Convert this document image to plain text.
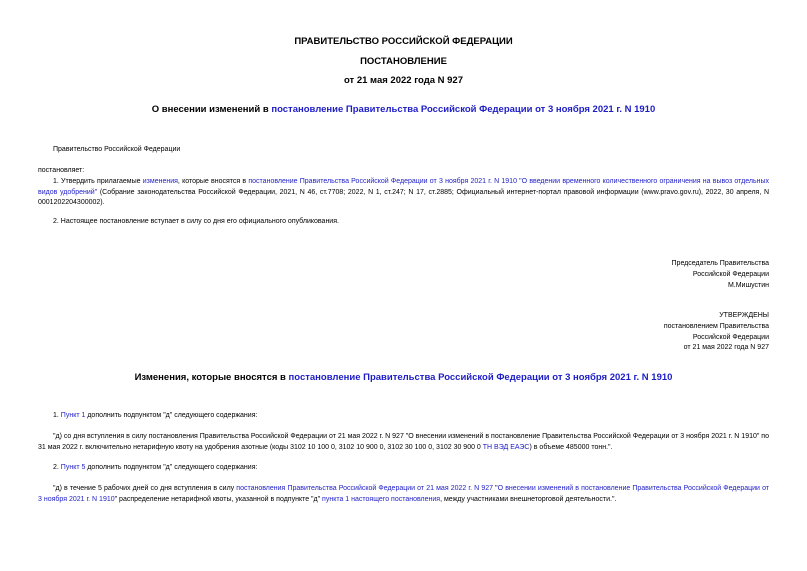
ПРАВИТЕЛЬСТВО РОССИЙСКОЙ ФЕДЕРАЦИИ
ПОСТАНОВЛЕНИЕ
от 21 мая 2022 года N 927
О внесении изменений в постановление Правительства Российской Федерации от 3 ноября 2021 г. N 1910
Правительство Российской Федерации
постановляет:
1. Утвердить прилагаемые изменения, которые вносятся в постановление Правительства Российской Федерации от 3 ноября 2021 г. N 1910 "О введении временного количественного ограничения на вывоз отдельных видов удобрений" (Собрание законодательства Российской Федерации, 2021, N 46, ст.7708; 2022, N 1, ст.247; N 17, ст.2885; Официальный интернет-портал правовой информации (www.pravo.gov.ru), 2022, 30 апреля, N 0001202204300002).
2. Настоящее постановление вступает в силу со дня его официального опубликования.
Председатель Правительства
Российской Федерации
М.Мишустин
УТВЕРЖДЕНЫ
постановлением Правительства
Российской Федерации
от 21 мая 2022 года N 927
Изменения, которые вносятся в постановление Правительства Российской Федерации от 3 ноября 2021 г. N 1910
1. Пункт 1 дополнить подпунктом "д" следующего содержания:
"д) со дня вступления в силу постановления Правительства Российской Федерации от 21 мая 2022 г. N 927 "О внесении изменений в постановление Правительства Российской Федерации от 3 ноября 2021 г. N 1910" по 31 мая 2022 г. включительно нетарифную квоту на удобрения азотные (коды 3102 10 100 0, 3102 10 900 0, 3102 30 100 0, 3102 30 900 0 ТН ВЭД ЕАЭС) в объеме 485000 тонн.".
2. Пункт 5 дополнить подпунктом "д" следующего содержания:
"д) в течение 5 рабочих дней со дня вступления в силу постановления Правительства Российской Федерации от 21 мая 2022 г. N 927 "О внесении изменений в постановление Правительства Российской Федерации от 3 ноября 2021 г. N 1910" распределение нетарифной квоты, указанной в подпункте "д" пункта 1 настоящего постановления, между участниками внешнеторговой деятельности.".
